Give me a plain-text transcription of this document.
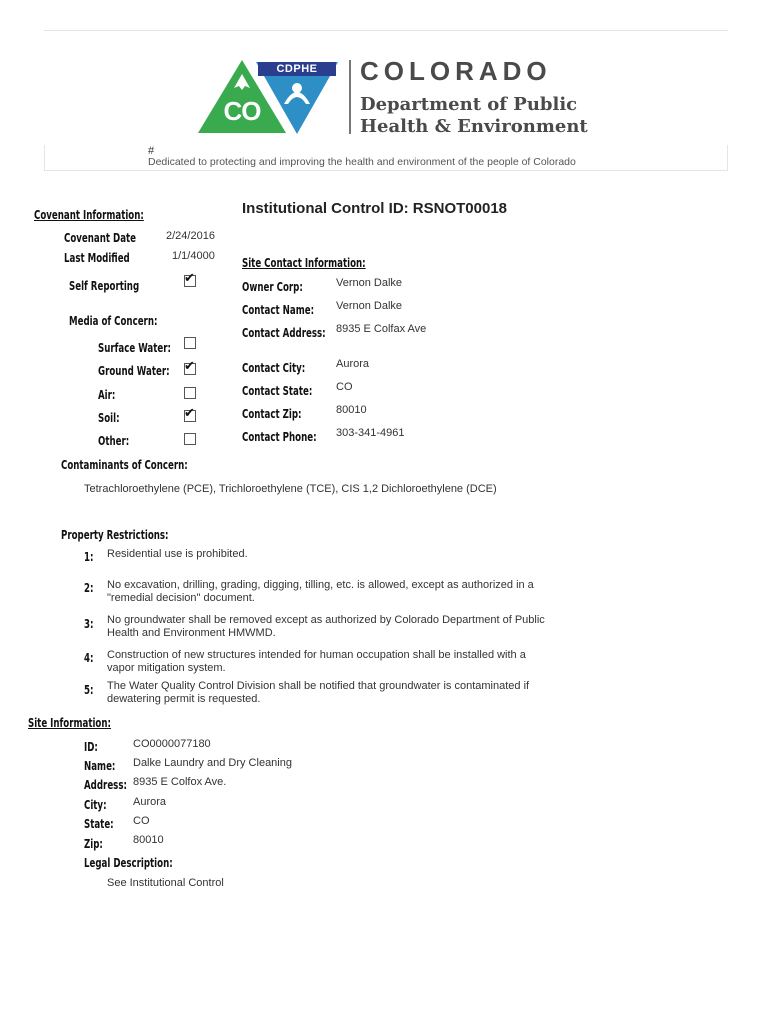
CDPHE
CO
COLORADO
Department of Public
Health & Environment
#
Dedicated to protecting and improving the health and environment of the people of Colorado
Institutional Control ID: RSNOT00018
Covenant Information:
Covenant Date	2/24/2016
Last Modified	1/1/4000
Self Reporting	✔
Media of Concern:
Surface Water:
Ground Water: ✔
Air:
Soil:	✔
Other:
Site Contact Information:
Owner Corp:	Vernon Dalke
Contact Name: Vernon Dalke
Contact Address: 8935 E Colfax Ave
Contact City:	Aurora
Contact State: CO
Contact Zip:	80010
Contact Phone: 303-341-4961
Contaminants of Concern:
Tetrachloroethylene (PCE), Trichloroethylene (TCE), CIS 1,2 Dichloroethylene (DCE)
Property Restrictions:
1: Residential use is prohibited.
2: No excavation, drilling, grading, digging, tilling, etc. is allowed, except as authorized in a
"remedial decision" document.
3: No groundwater shall be removed except as authorized by Colorado Department of Public
Health and Environment HMWMD.
4: Construction of new structures intended for human occupation shall be installed with a
vapor mitigation system.
5: The Water Quality Control Division shall be notified that groundwater is contaminated if
dewatering permit is requested.
Site Information:
ID:	CO0000077180
Name: Dalke Laundry and Dry Cleaning
Address: 8935 E Colfox Ave.
City: Aurora
State: CO
Zip:	80010
Legal Description:
See Institutional Control
